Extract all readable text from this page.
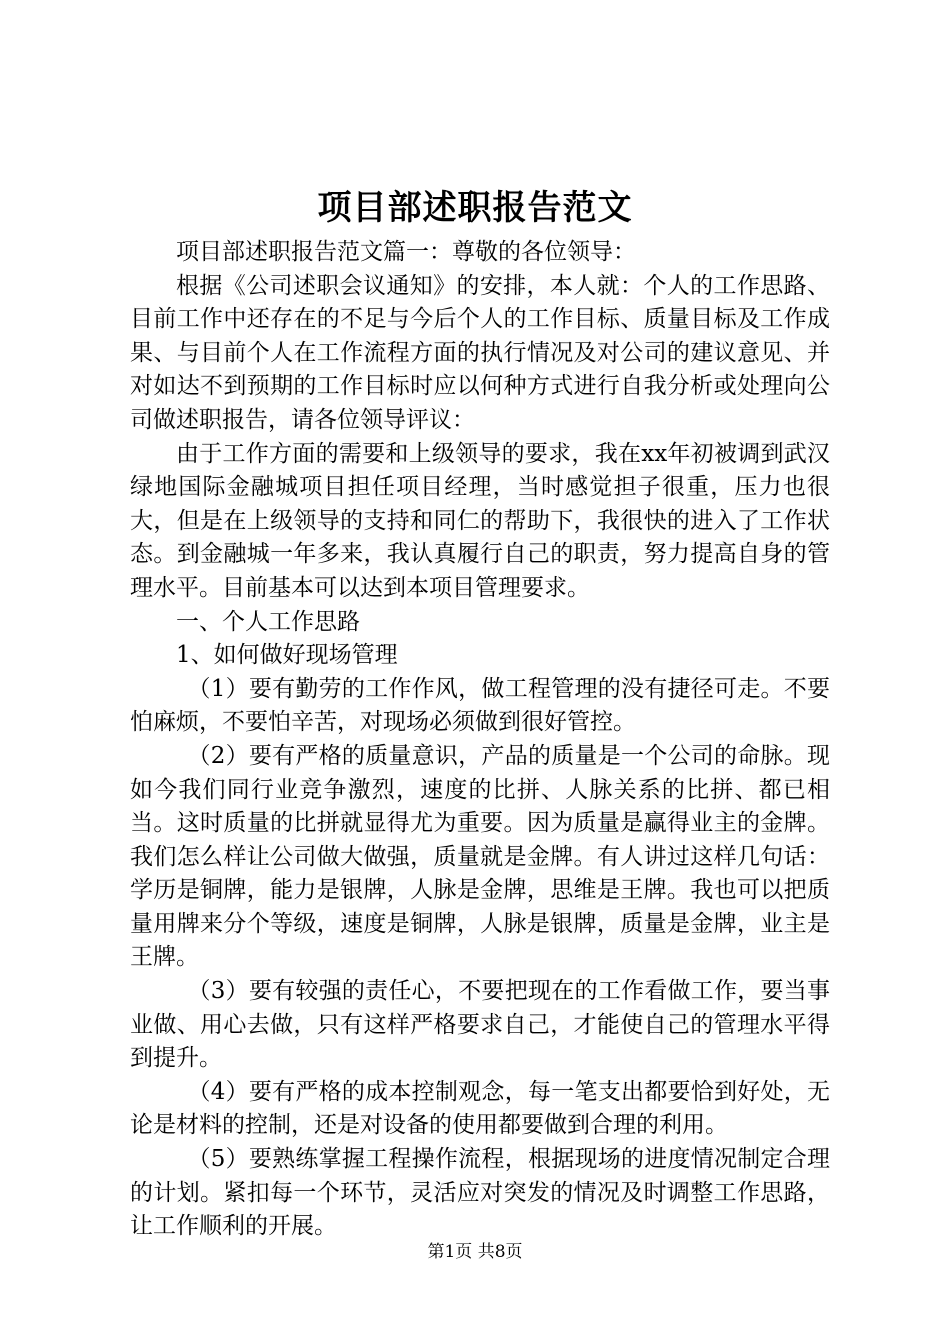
项目部述职报告范文

项目部述职报告范文篇一：尊敬的各位领导：

根据《公司述职会议通知》的安排，本人就：个人的工作思路、目前工作中还存在的不足与今后个人的工作目标、质量目标及工作成果、与目前个人在工作流程方面的执行情况及对公司的建议意见、并对如达不到预期的工作目标时应以何种方式进行自我分析或处理向公司做述职报告，请各位领导评议：

由于工作方面的需要和上级领导的要求，我在xx年初被调到武汉绿地国际金融城项目担任项目经理，当时感觉担子很重，压力也很大，但是在上级领导的支持和同仁的帮助下，我很快的进入了工作状态。到金融城一年多来，我认真履行自己的职责，努力提高自身的管理水平。目前基本可以达到本项目管理要求。

一、个人工作思路

1、如何做好现场管理

（1）要有勤劳的工作作风，做工程管理的没有捷径可走。不要怕麻烦，不要怕辛苦，对现场必须做到很好管控。

（2）要有严格的质量意识，产品的质量是一个公司的命脉。现如今我们同行业竞争激烈，速度的比拼、人脉关系的比拼、都已相当。这时质量的比拼就显得尤为重要。因为质量是赢得业主的金牌。我们怎么样让公司做大做强，质量就是金牌。有人讲过这样几句话：学历是铜牌，能力是银牌，人脉是金牌，思维是王牌。我也可以把质量用牌来分个等级，速度是铜牌，人脉是银牌，质量是金牌，业主是王牌。

（3）要有较强的责任心，不要把现在的工作看做工作，要当事业做、用心去做，只有这样严格要求自己，才能使自己的管理水平得到提升。

（4）要有严格的成本控制观念，每一笔支出都要恰到好处，无论是材料的控制，还是对设备的使用都要做到合理的利用。

（5）要熟练掌握工程操作流程，根据现场的进度情况制定合理的计划。紧扣每一个环节，灵活应对突发的情况及时调整工作思路，让工作顺利的开展。

第1页 共8页
